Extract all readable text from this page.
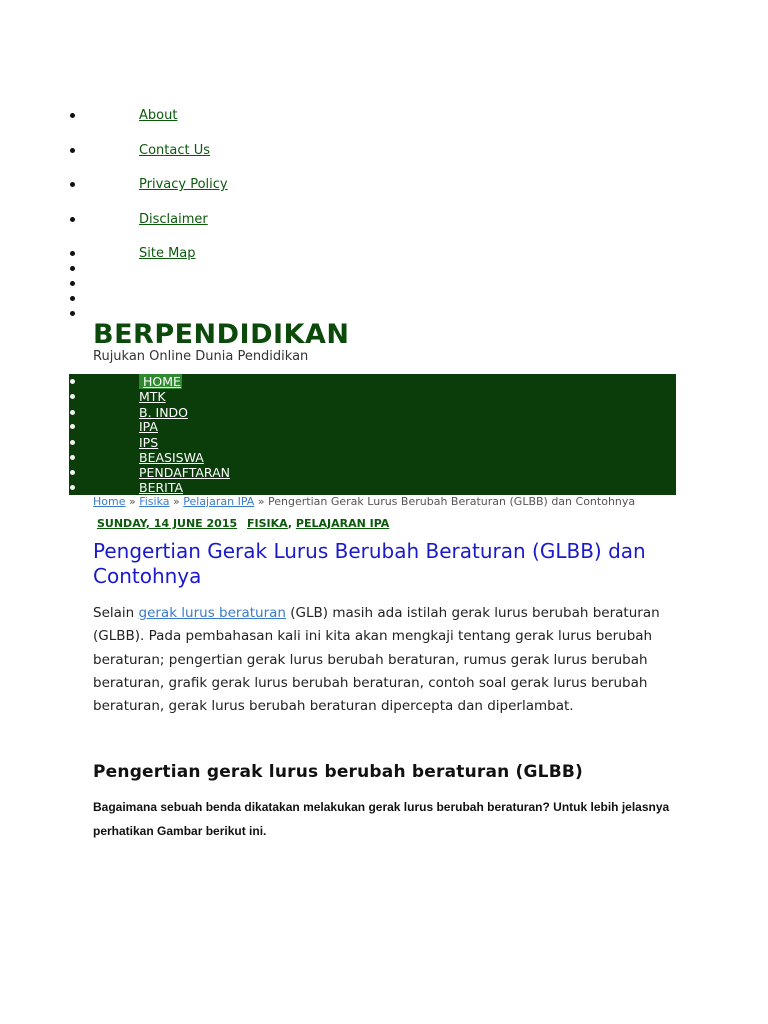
About
Contact Us
Privacy Policy
Disclaimer
Site Map
BERPENDIDIKAN
Rujukan Online Dunia Pendidikan
HOME
MTK
B. INDO
IPA
IPS
BEASISWA
PENDAFTARAN
BERITA
Home » Fisika » Pelajaran IPA » Pengertian Gerak Lurus Berubah Beraturan (GLBB) dan Contohnya
SUNDAY, 14 JUNE 2015 FISIKA, PELAJARAN IPA
Pengertian Gerak Lurus Berubah Beraturan (GLBB) dan Contohnya

Selain gerak lurus beraturan (GLB) masih ada istilah gerak lurus berubah beraturan (GLBB). Pada pembahasan kali ini kita akan mengkaji tentang gerak lurus berubah beraturan; pengertian gerak lurus berubah beraturan, rumus gerak lurus berubah beraturan, grafik gerak lurus berubah beraturan, contoh soal gerak lurus berubah beraturan, gerak lurus berubah beraturan dipercepta dan diperlambat.

Pengertian gerak lurus berubah beraturan (GLBB)

Bagaimana sebuah benda dikatakan melakukan gerak lurus berubah beraturan? Untuk lebih jelasnya perhatikan Gambar berikut ini.
